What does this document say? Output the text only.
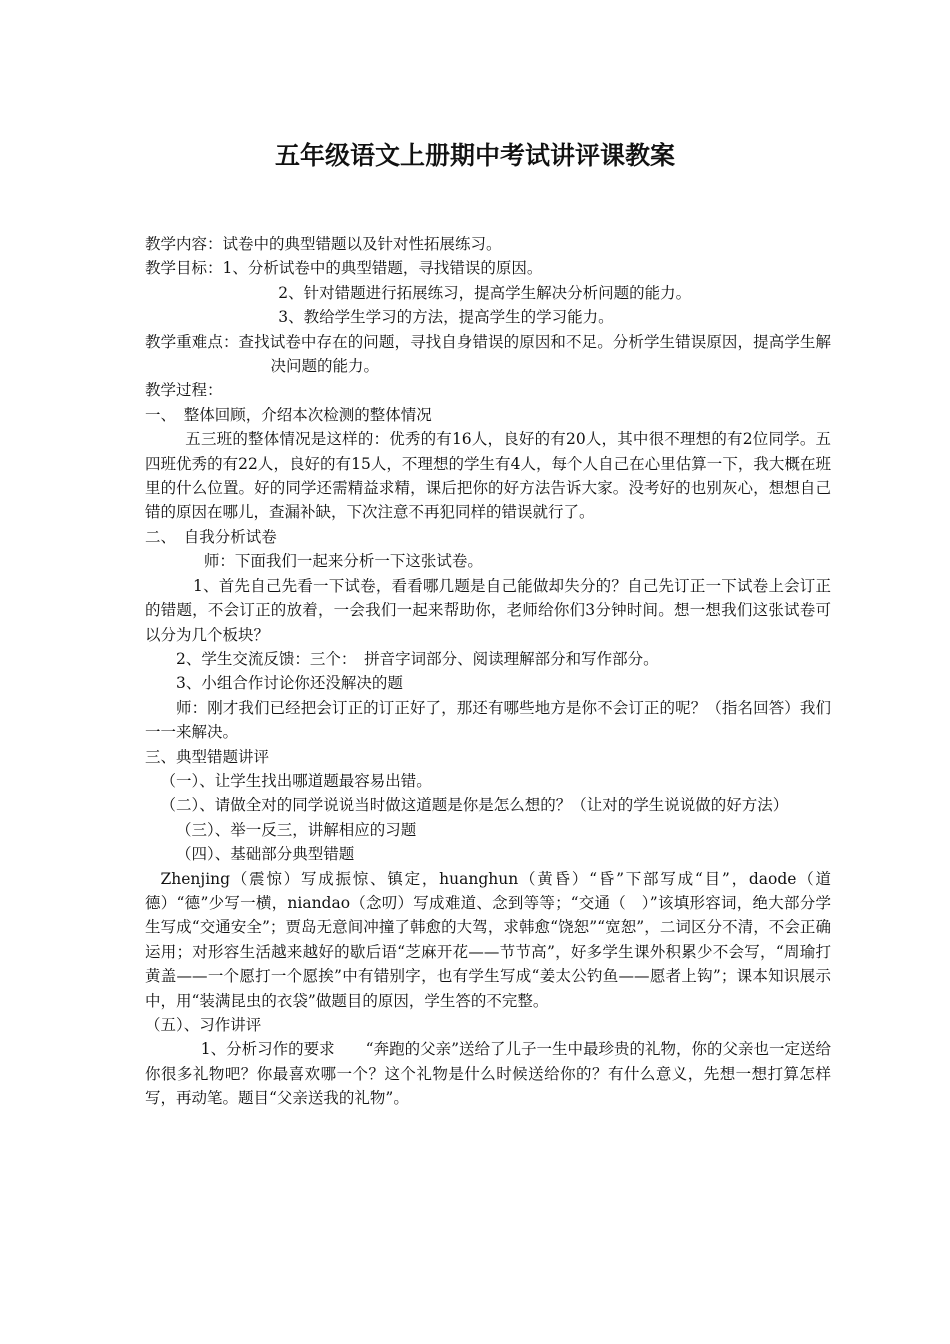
五年级语文上册期中考试讲评课教案

教学内容：试卷中的典型错题以及针对性拓展练习。

教学目标：1、分析试卷中的典型错题，寻找错误的原因。

2、针对错题进行拓展练习，提高学生解决分析问题的能力。

3、教给学生学习的方法，提高学生的学习能力。

教学重难点：查找试卷中存在的问题，寻找自身错误的原因和不足。分析学生错误原因，提高学生解决问题的能力。

教学过程：

一、　整体回顾，介绍本次检测的整体情况

五三班的整体情况是这样的：优秀的有16人，良好的有20人，其中很不理想的有2位同学。五四班优秀的有22人，良好的有15人，不理想的学生有4人，每个人自己在心里估算一下，我大概在班里的什么位置。好的同学还需精益求精，课后把你的好方法告诉大家。没考好的也别灰心，想想自己错的原因在哪儿，查漏补缺，下次注意不再犯同样的错误就行了。

二、　自我分析试卷

师：下面我们一起来分析一下这张试卷。

1、首先自己先看一下试卷，看看哪几题是自己能做却失分的？自己先订正一下试卷上会订正的错题，不会订正的放着，一会我们一起来帮助你，老师给你们3分钟时间。想一想我们这张试卷可以分为几个板块？

2、学生交流反馈：三个：　拼音字词部分、阅读理解部分和写作部分。

3、小组合作讨论你还没解决的题

师：刚才我们已经把会订正的订正好了，那还有哪些地方是你不会订正的呢？（指名回答）我们一一来解决。

三、典型错题讲评

（一）、让学生找出哪道题最容易出错。

（二）、请做全对的同学说说当时做这道题是你是怎么想的？（让对的学生说说做的好方法）

（三）、举一反三，讲解相应的习题

（四）、基础部分典型错题

Zhenjing（震惊）写成振惊、镇定，huanghun（黄昏）“昏”下部写成“目”，daode（道德）“德”少写一横，niandao（念叨）写成难道、念到等等；“交通（　）”该填形容词，绝大部分学生写成“交通安全”；贾岛无意间冲撞了韩愈的大驾，求韩愈“饶恕”“宽恕”，二词区分不清，不会正确运用；对形容生活越来越好的歇后语“芝麻开花——节节高”，好多学生课外积累少不会写，“周瑜打黄盖——一个愿打一个愿挨”中有错别字，也有学生写成“姜太公钓鱼——愿者上钩”；课本知识展示中，用“装满昆虫的衣袋”做题目的原因，学生答的不完整。

（五）、习作讲评

1、分析习作的要求　　“奔跑的父亲”送给了儿子一生中最珍贵的礼物，你的父亲也一定送给你很多礼物吧？你最喜欢哪一个？这个礼物是什么时候送给你的？有什么意义，先想一想打算怎样写，再动笔。题目“父亲送我的礼物”。
